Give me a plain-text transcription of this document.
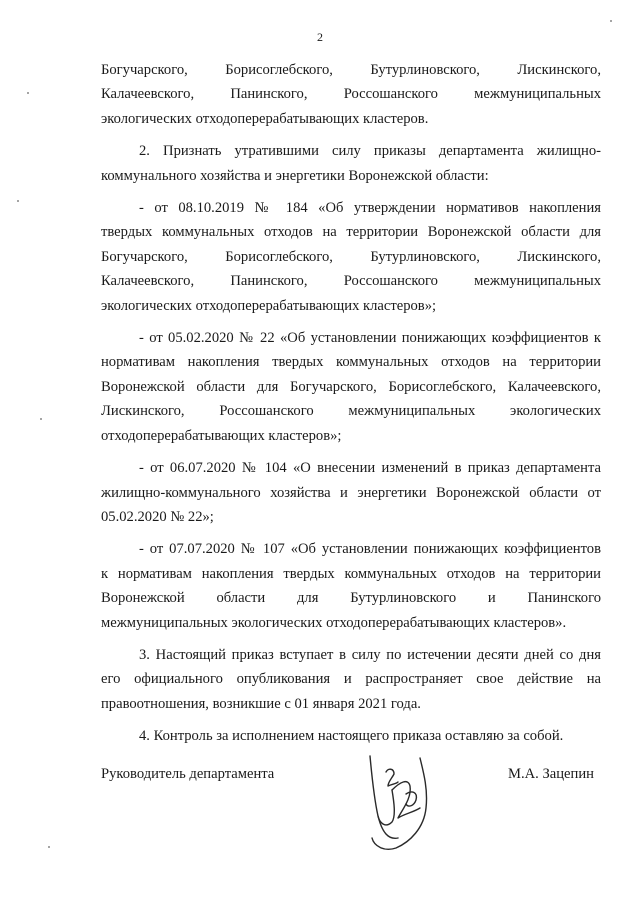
2
Богучарского, Борисоглебского, Бутурлиновского, Лискинского,
Калачеевского, Панинского, Россошанского межмуниципальных
экологических отходоперерабатывающих кластеров.
2. Признать утратившими силу приказы департамента жилищно-
коммунального хозяйства и энергетики Воронежской области:
- от 08.10.2019 № 184 «Об утверждении нормативов накопления
твердых коммунальных отходов на территории Воронежской области для
Богучарского, Борисоглебского, Бутурлиновского, Лискинского,
Калачеевского, Панинского, Россошанского межмуниципальных
экологических отходоперерабатывающих кластеров»;
- от 05.02.2020 № 22 «Об установлении понижающих коэффициентов к
нормативам накопления твердых коммунальных отходов на территории
Воронежской области для Богучарского, Борисоглебского, Калачеевского,
Лискинского, Россошанского межмуниципальных экологических
отходоперерабатывающих кластеров»;
- от 06.07.2020 № 104 «О внесении изменений в приказ департамента
жилищно-коммунального хозяйства и энергетики Воронежской области от
05.02.2020 № 22»;
- от 07.07.2020 № 107 «Об установлении понижающих коэффициентов
к нормативам накопления твердых коммунальных отходов на территории
Воронежской области для Бутурлиновского и Панинского
межмуниципальных экологических отходоперерабатывающих кластеров».
3. Настоящий приказ вступает в силу по истечении десяти дней со дня
его официального опубликования и распространяет свое действие на
правоотношения, возникшие с 01 января 2021 года.
4. Контроль за исполнением настоящего приказа оставляю за собой.
Руководитель департамента	М.А. Зацепин
